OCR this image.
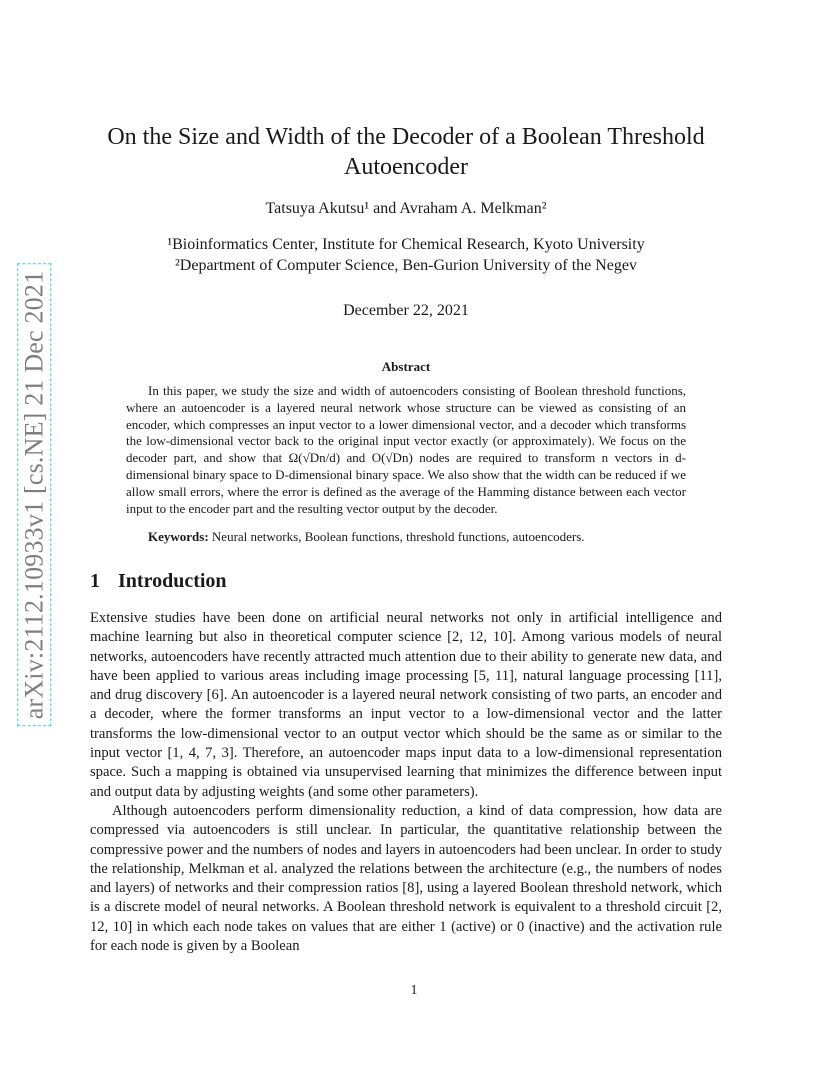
arXiv:2112.10933v1 [cs.NE] 21 Dec 2021
On the Size and Width of the Decoder of a Boolean Threshold Autoencoder
Tatsuya Akutsu¹ and Avraham A. Melkman²
¹Bioinformatics Center, Institute for Chemical Research, Kyoto University
²Department of Computer Science, Ben-Gurion University of the Negev
December 22, 2021
Abstract

In this paper, we study the size and width of autoencoders consisting of Boolean threshold functions, where an autoencoder is a layered neural network whose structure can be viewed as consisting of an encoder, which compresses an input vector to a lower dimensional vector, and a decoder which transforms the low-dimensional vector back to the original input vector exactly (or approximately). We focus on the decoder part, and show that Ω(√Dn/d) and O(√Dn) nodes are required to transform n vectors in d-dimensional binary space to D-dimensional binary space. We also show that the width can be reduced if we allow small errors, where the error is defined as the average of the Hamming distance between each vector input to the encoder part and the resulting vector output by the decoder.

Keywords: Neural networks, Boolean functions, threshold functions, autoencoders.
1 Introduction

Extensive studies have been done on artificial neural networks not only in artificial intelligence and machine learning but also in theoretical computer science [2, 12, 10]. Among various models of neural networks, autoencoders have recently attracted much attention due to their ability to generate new data, and have been applied to various areas including image processing [5, 11], natural language processing [11], and drug discovery [6]. An autoencoder is a layered neural network consisting of two parts, an encoder and a decoder, where the former transforms an input vector to a low-dimensional vector and the latter transforms the low-dimensional vector to an output vector which should be the same as or similar to the input vector [1, 4, 7, 3]. Therefore, an autoencoder maps input data to a low-dimensional representation space. Such a mapping is obtained via unsupervised learning that minimizes the difference between input and output data by adjusting weights (and some other parameters).

Although autoencoders perform dimensionality reduction, a kind of data compression, how data are compressed via autoencoders is still unclear. In particular, the quantitative relationship between the compressive power and the numbers of nodes and layers in autoencoders had been unclear. In order to study the relationship, Melkman et al. analyzed the relations between the architecture (e.g., the numbers of nodes and layers) of networks and their compression ratios [8], using a layered Boolean threshold network, which is a discrete model of neural networks. A Boolean threshold network is equivalent to a threshold circuit [2, 12, 10] in which each node takes on values that are either 1 (active) or 0 (inactive) and the activation rule for each node is given by a Boolean

1
